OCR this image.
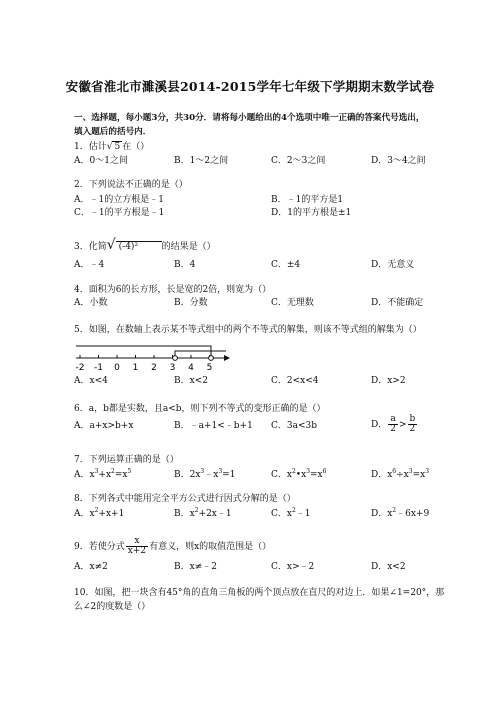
安徽省淮北市濉溪县2014-2015学年七年级下学期期末数学试卷
一、选择题，每小题3分，共30分．请将每小题给出的4个选项中唯一正确的答案代号选出，填入题后的括号内．
1．估计√ 5 在（）
A．0～1之间	B．1～2之间	C．2～3之间	D．3～4之间
2．下列说法不正确的是（）
A．﹣1的立方根是﹣1	B．﹣1的平方是1
C．﹣1的平方根是﹣1	D．1的平方根是±1
3．化简√ (-4)²	的结果是（）
A．﹣4	B．4	C．±4	D．无意义
4．面积为6的长方形，长是宽的2倍，则宽为（）
A．小数	B．分数	C．无理数	D．不能确定
5．如图，在数轴上表示某不等式组中的两个不等式的解集，则该不等式组的解集为（）
-2 -1 0 1 2 3 4 5
A．x<4	B．x<2	C．2<x<4	D．x>2
6．a，b都是实数，且a<b，则下列不等式的变形正确的是（）
A．a+x>b+x	B．﹣a+1<﹣b+1 C．3a<3b	D． $\frac{a}{2} > \frac{b}{2}$
7．下列运算正确的是（）
A．$x^3+x^2=x^5$	B．$2x^3﹣x^3=1$	C．$x^2•x^3=x^6$	D．$x^6\div x^3=x^3$
8．下列各式中能用完全平方公式进行因式分解的是（）
A．$x^2+x+1$	B．$x^2+2x﹣1$	C．$x^2﹣1$	D．$x^2﹣6x+9$
9．若使分式 $\frac{x}{x+2}$ 有意义，则x的取值范围是（）
A．x≠2	B．x≠﹣2	C．x>﹣2	D．x<2
10．如图，把一块含有45°角的直角三角板的两个顶点放在直尺的对边上．如果∠1=20°，那
么∠2的度数是（）
